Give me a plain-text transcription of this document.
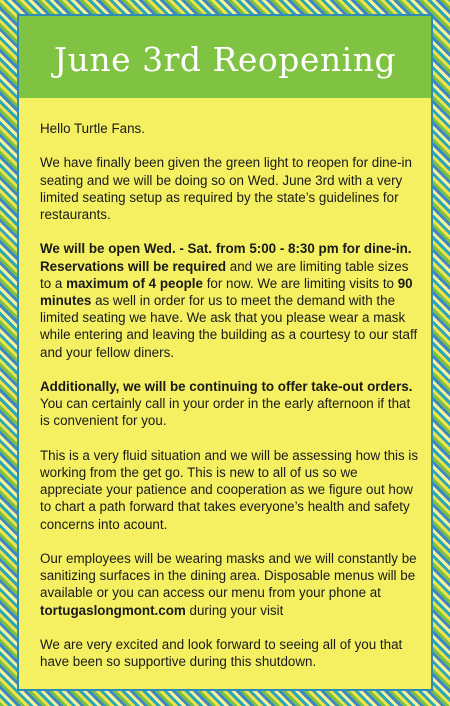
June 3rd Reopening

Hello Turtle Fans.

We have finally been given the green light to reopen for dine-in seating and we will be doing so on Wed. June 3rd with a very limited seating setup as required by the state’s guidelines for restaurants.

We will be open Wed. - Sat. from 5:00 - 8:30 pm for dine-in.
Reservations will be required and we are limiting table sizes to a maximum of 4 people for now. We are limiting visits to 90 minutes as well in order for us to meet the demand with the limited seating we have. We ask that you please wear a mask while entering and leaving the building as a courtesy to our staff and your fellow diners.

Additionally, we will be continuing to offer take-out orders. You can certainly call in your order in the early afternoon if that is convenient for you.

This is a very fluid situation and we will be assessing how this is working from the get go. This is new to all of us so we appreciate your patience and cooperation as we figure out how to chart a path forward that takes everyone’s health and safety concerns into acount.

Our employees will be wearing masks and we will constantly be sanitizing surfaces in the dining area. Disposable menus will be available or you can access our menu from your phone at tortugaslongmont.com during your visit

We are very excited and look forward to seeing all of you that have been so supportive during this shutdown.
